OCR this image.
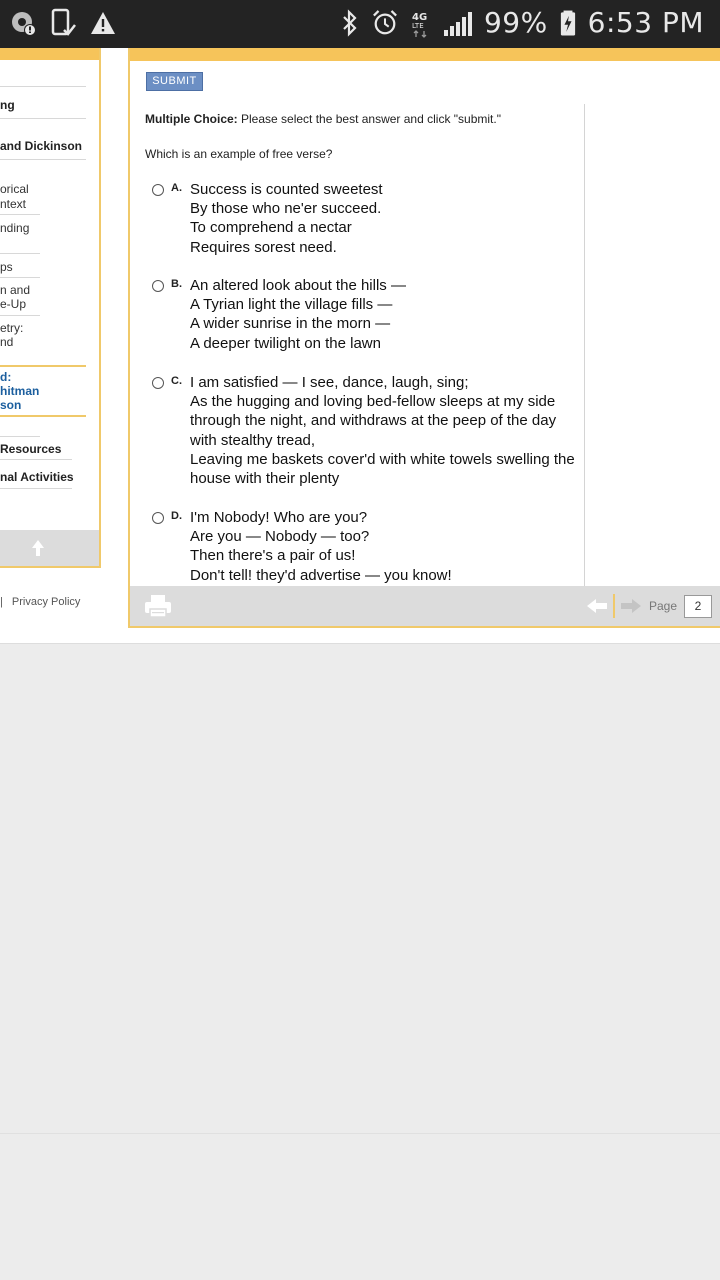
4G
LTE 99% 6:53 PM
ng
and Dickinson
orical
ntext
nding
ps
n and
e-Up
etry:
nd
d:
hitman
son
Resources
nal Activities
| Privacy Policy
SUBMIT
Multiple Choice: Please select the best answer and click "submit."
Which is an example of free verse?
A. Success is counted sweetest
By those who ne'er succeed.
To comprehend a nectar
Requires sorest need.
B. An altered look about the hills —
A Tyrian light the village fills —
A wider sunrise in the morn —
A deeper twilight on the lawn
C. I am satisfied — I see, dance, laugh, sing;
As the hugging and loving bed-fellow sleeps at my side through the night, and withdraws at the peep of the day with stealthy tread,
Leaving me baskets cover'd with white towels swelling the house with their plenty
D. I'm Nobody! Who are you?
Are you — Nobody — too?
Then there's a pair of us!
Don't tell! they'd advertise — you know!
Page	2
